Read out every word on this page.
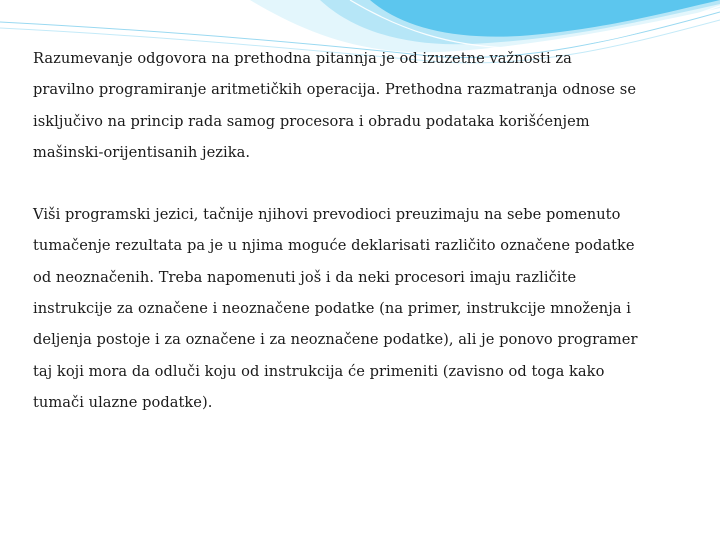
Razumevanje odgovora na prethodna pitannja je od izuzetne važnosti za
pravilno programiranje aritmetičkih operacija. Prethodna razmatranja odnose se
isključivo na princip rada samog procesora i obradu podataka korišćenjem
mašinski-orijentisanih jezika.

Viši programski jezici, tačnije njihovi prevodioci preuzimaju na sebe pomenuto
tumačenje rezultata pa je u njima moguće deklarisati različito označene podatke
od neoznačenih. Treba napomenuti još i da neki procesori imaju različite
instrukcije za označene i neoznačene podatke (na primer, instrukcije množenja i
deljenja postoje i za označene i za neoznačene podatke), ali je ponovo programer
taj koji mora da odluči koju od instrukcija će primeniti (zavisno od toga kako
tumači ulazne podatke).
